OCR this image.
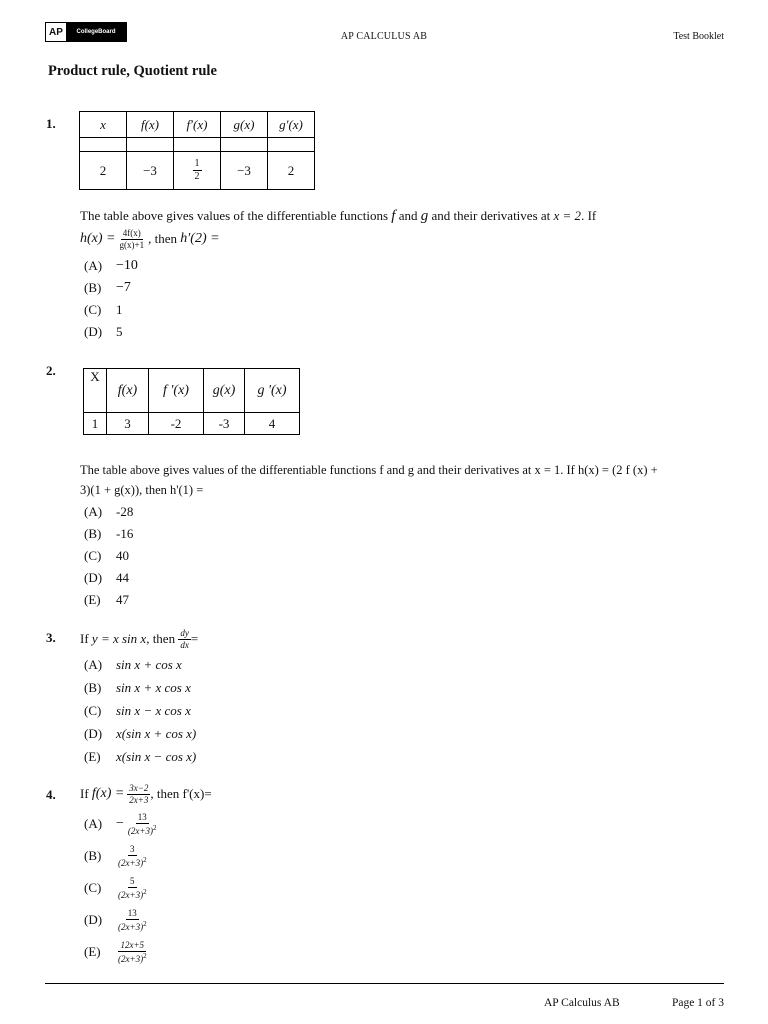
AP	CollegeBoard	AP CALCULUS AB	Test Booklet
Product rule, Quotient rule
1.	x	f(x)	f′(x)	g(x)	g′(x)

2	−3	$\frac{1}{2}$	−3	2
The table above gives values of the differentiable functions f and g and their derivatives at x = 2. If
$h(x) = \frac{4f(x)}{g(x)+1}$ , then
h′(2) =
(A) −10
(B)	−7
(C)	1
(D)	5
2.	X	f(x)	f '(x)	g(x)	g '(x)
1	3	-2	-3	4
The table above gives values of the differentiable functions f and g and their derivatives at x = 1. If h(x) = (2 f (x) +
3)(1 + g(x)), then h'(1) =
(A)	-28
(B)	-16
(C)	40
(D)	44
(E)	47
3. If
y = x sin x , then
$\frac{dy}{dx}$ =
(A)	sin x + cos x
(B)	sin x + x cos x
(C)	sin x − x cos x
(D)	x(sin x + cos x)
(E)	x(sin x − cos x)
4. If
$f(x) = \frac{3x-2}{2x+3}$ , then f'(x)=
$(A) - \frac{13}{(2x+3)^2}$
(B)	$\frac{3}{(2x+3)^2}$
(C)	$\frac{5}{(2x+3)^2}$
(D)	$\frac{13}{(2x+3)^2}$
(E)	$\frac{12x+5}{(2x+3)^2}$
AP Calculus AB	Page 1 of 3
